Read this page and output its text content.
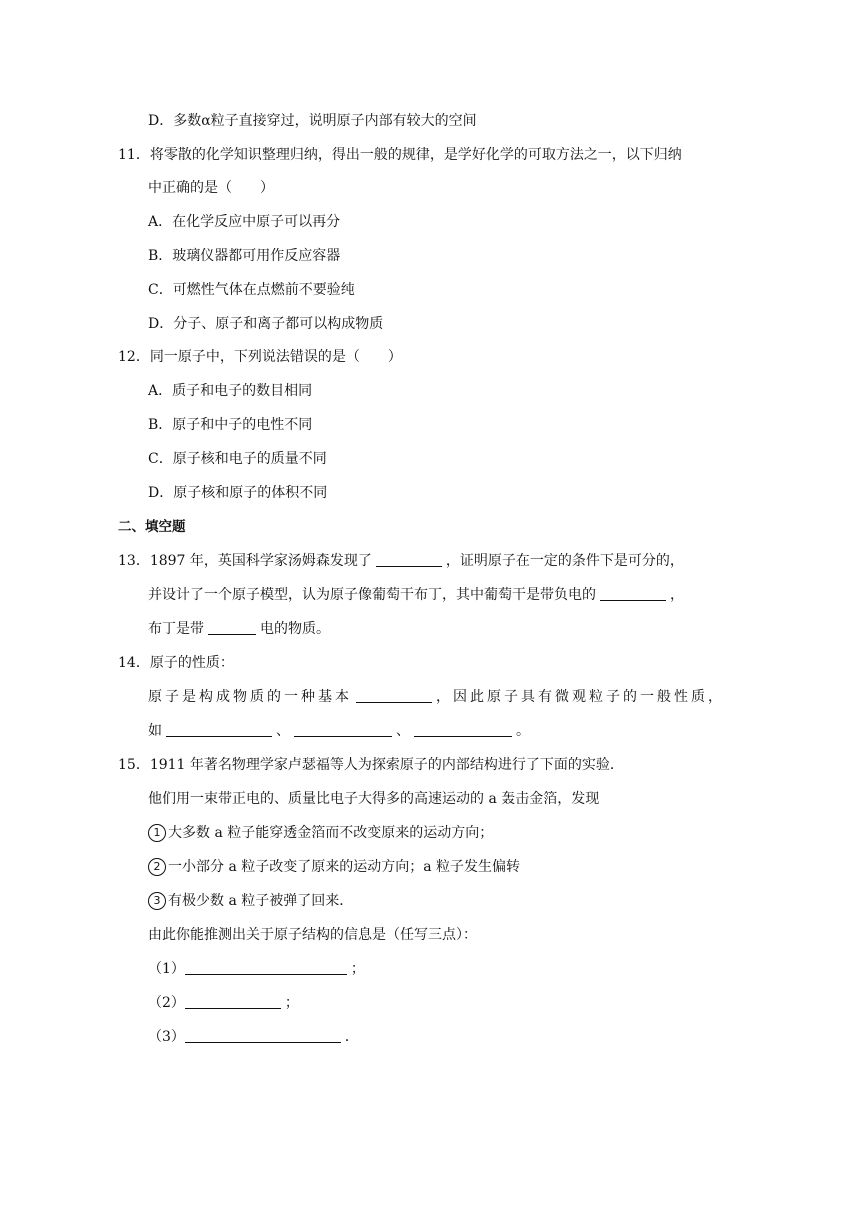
D．多数α粒子直接穿过，说明原子内部有较大的空间
11．将零散的化学知识整理归纳，得出一般的规律，是学好化学的可取方法之一，以下归纳
中正确的是（　　）
A．在化学反应中原子可以再分
B．玻璃仪器都可用作反应容器
C．可燃性气体在点燃前不要验纯
D．分子、原子和离子都可以构成物质
12．同一原子中，下列说法错误的是（　　）
A．质子和电子的数目相同
B．原子和中子的电性不同
C．原子核和电子的质量不同
D．原子核和原子的体积不同
二、填空题
13．1897 年，英国科学家汤姆森发现了	，证明原子在一定的条件下是可分的，
并设计了一个原子模型，认为原子像葡萄干布丁，其中葡萄干是带负电的	，
布丁是带	电的物质。
14．原子的性质：
原子是构成物质的一种基本	，因此原子具有微观粒子的一般性质，
如	、	、	。
15．1911 年著名物理学家卢瑟福等人为探索原子的内部结构进行了下面的实验．
他们用一束带正电的、质量比电子大得多的高速运动的 a 轰击金箔，发现
1 大多数 a 粒子能穿透金箔而不改变原来的运动方向；
2 一小部分 a 粒子改变了原来的运动方向；a 粒子发生偏转
3 有极少数 a 粒子被弹了回来．
由此你能推测出关于原子结构的信息是（任写三点）：
（1）	；
（2）	；
（3）	．
